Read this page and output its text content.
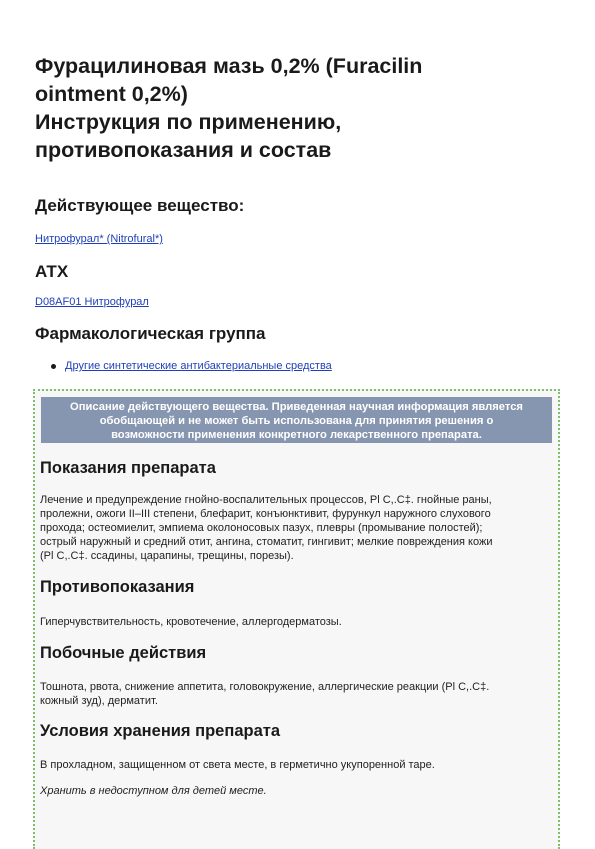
Фурацилиновая мазь 0,2% (Furacilin
ointment 0,2%)
Инструкция по применению,
противопоказания и состав
Действующее вещество:
Нитрофурал* (Nitrofural*)
АТХ
D08AF01 Нитрофурал
Фармакологическая группа
Другие синтетические антибактериальные средства
Описание действующего вещества. Приведенная научная информация является
обобщающей и не может быть использована для принятия решения о
возможности применения конкретного лекарственного препарата.
Показания препарата

Лечение и предупреждение гнойно-воспалительных процессов, Pl С,.С‡. гнойные раны,
пролежни, ожоги II–III степени, блефарит, конъюнктивит, фурункул наружного слухового
прохода; остеомиелит, эмпиема околоносовых пазух, плевры (промывание полостей);
острый наружный и средний отит, ангина, стоматит, гингивит; мелкие повреждения кожи
(Pl С,.С‡. ссадины, царапины, трещины, порезы).

Противопоказания

Гиперчувствительность, кровотечение, аллергодерматозы.

Побочные действия

Тошнота, рвота, снижение аппетита, головокружение, аллергические реакции (Pl С,.С‡.
кожный зуд), дерматит.

Условия хранения препарата

В прохладном, защищенном от света месте, в герметично укупоренной таре.

Хранить в недоступном для детей месте.
